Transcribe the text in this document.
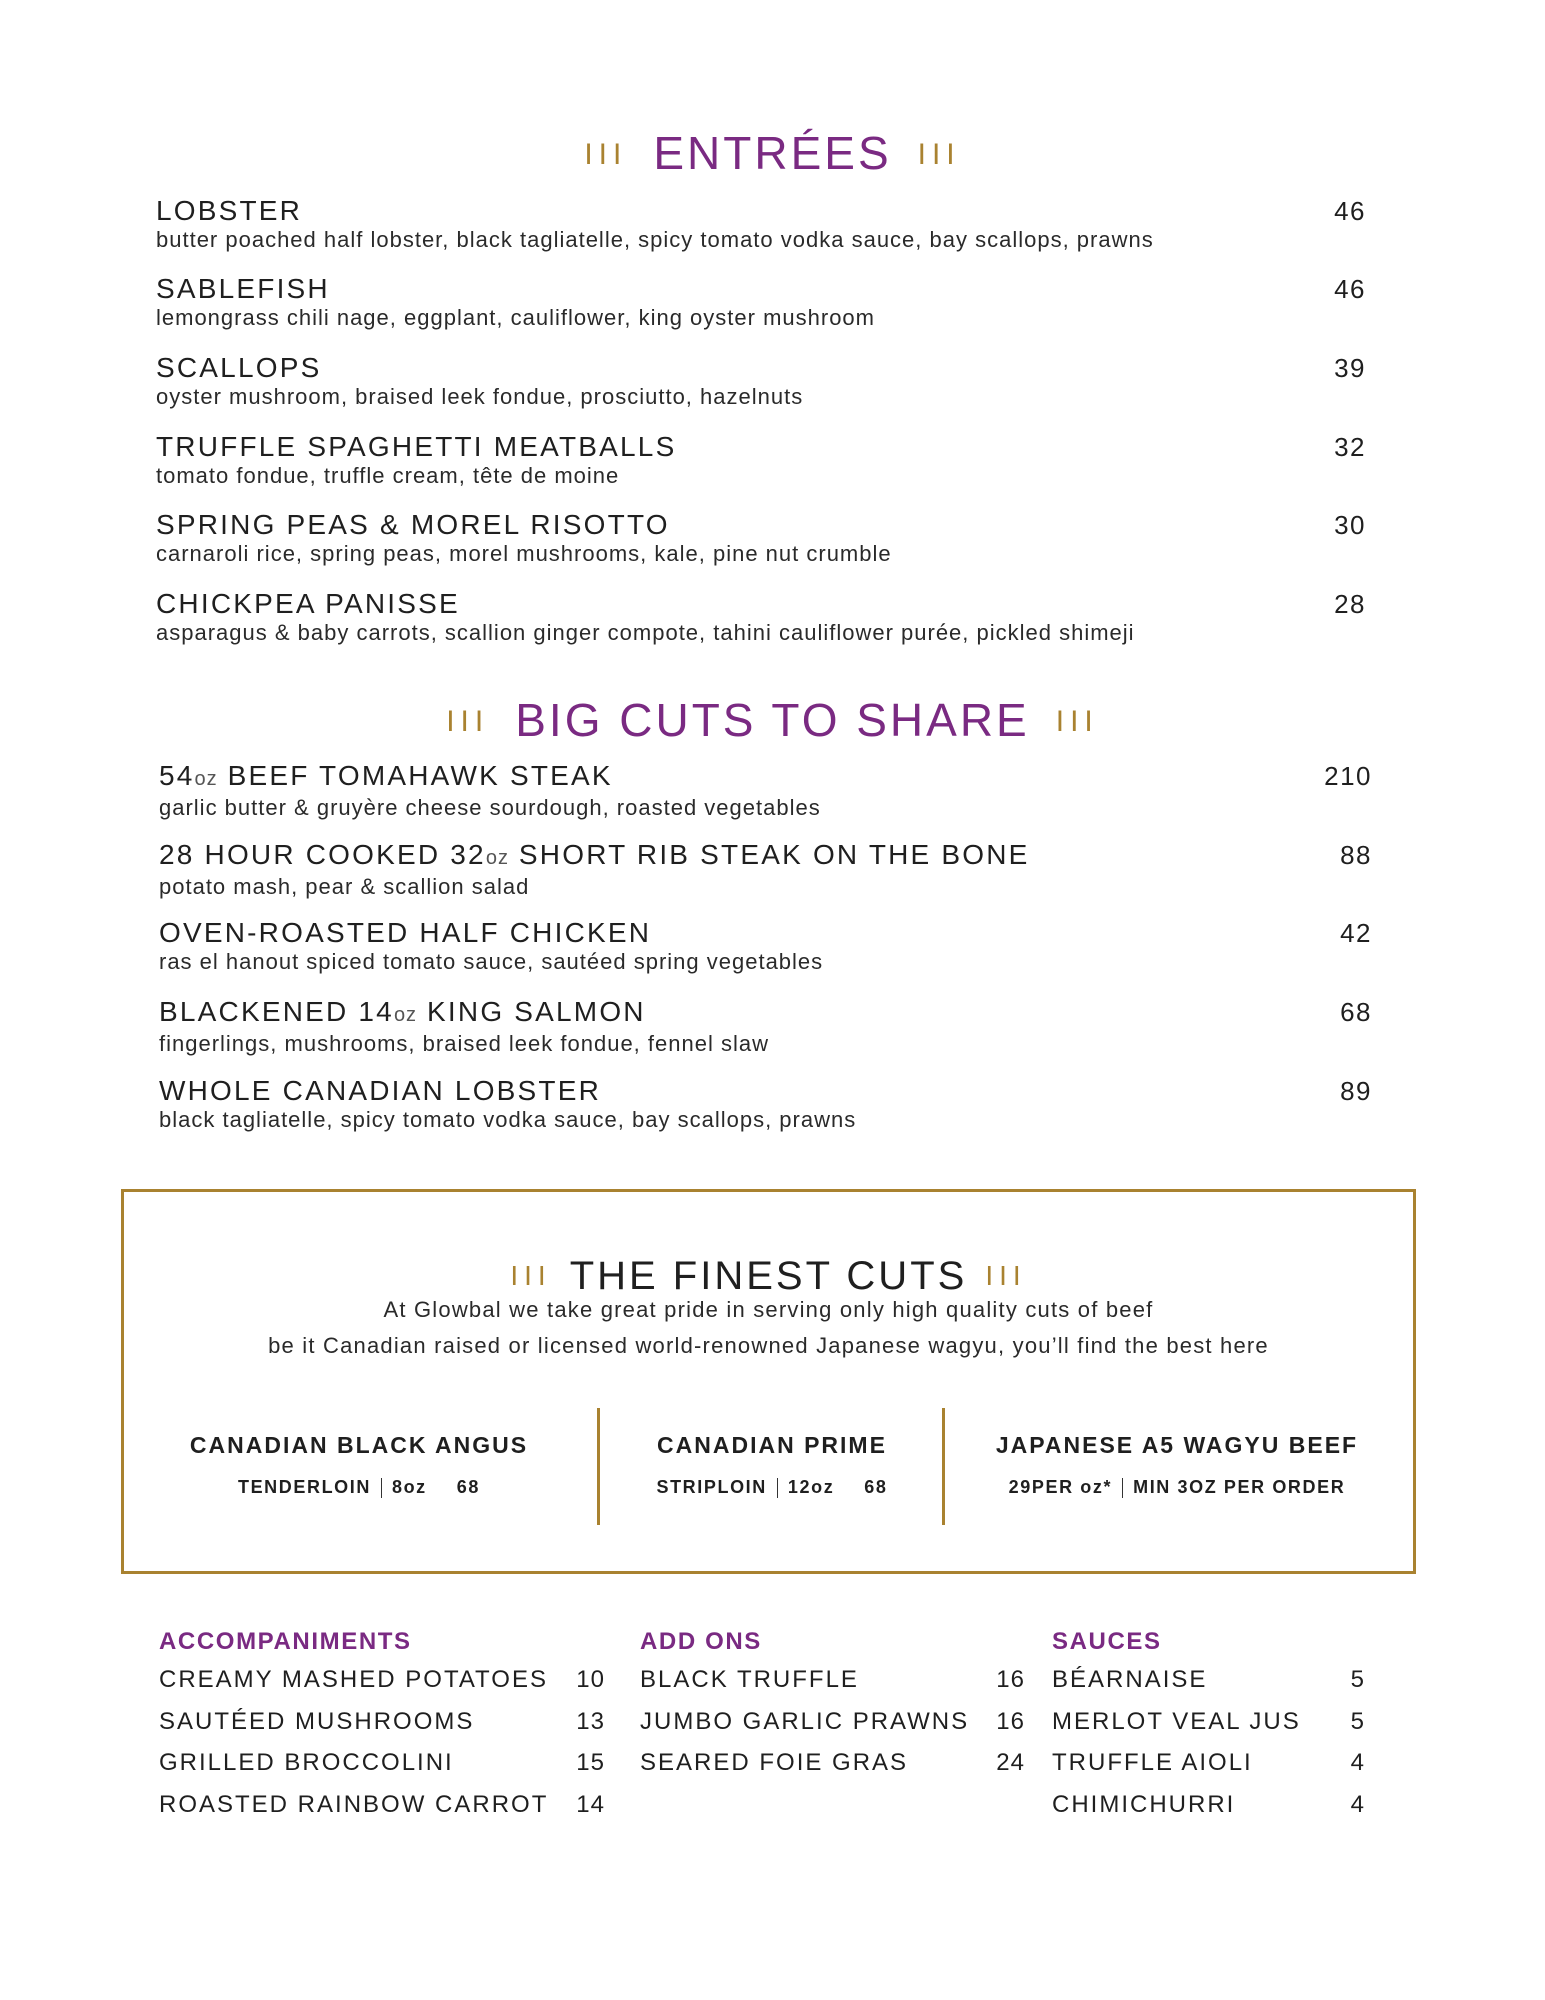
III ENTRÉES III
LOBSTER
butter poached half lobster, black tagliatelle, spicy tomato vodka sauce, bay scallops, prawns
46
SABLEFISH
lemongrass chili nage, eggplant, cauliflower, king oyster mushroom
46
SCALLOPS
oyster mushroom, braised leek fondue, prosciutto, hazelnuts
39
TRUFFLE SPAGHETTI MEATBALLS
tomato fondue, truffle cream, tête de moine
32
SPRING PEAS & MOREL RISOTTO
carnaroli rice, spring peas, morel mushrooms, kale, pine nut crumble
30
CHICKPEA PANISSE
asparagus & baby carrots, scallion ginger compote, tahini cauliflower purée, pickled shimeji
28
III BIG CUTS TO SHARE III
54oz BEEF TOMAHAWK STEAK
garlic butter & gruyère cheese sourdough, roasted vegetables
210
28 HOUR COOKED 32oz SHORT RIB STEAK ON THE BONE
potato mash, pear & scallion salad
88
OVEN-ROASTED HALF CHICKEN
ras el hanout spiced tomato sauce, sautéed spring vegetables
42
BLACKENED 14oz KING SALMON
fingerlings, mushrooms, braised leek fondue, fennel slaw
68
WHOLE CANADIAN LOBSTER
black tagliatelle, spicy tomato vodka sauce, bay scallops, prawns
89
III THE FINEST CUTS III
At Glowbal we take great pride in serving only high quality cuts of beef
be it Canadian raised or licensed world-renowned Japanese wagyu, you’ll find the best here
CANADIAN BLACK ANGUS
TENDERLOIN 8oz 68
CANADIAN PRIME
STRIPLOIN 12oz 68
JAPANESE A5 WAGYU BEEF
29PER oz* MIN 3OZ PER ORDER
ACCOMPANIMENTS
CREAMY MASHED POTATOES	10
SAUTÉED MUSHROOMS	13
GRILLED BROCCOLINI	15
ROASTED RAINBOW CARROT	14
ADD ONS
BLACK TRUFFLE	16
JUMBO GARLIC PRAWNS	16
SEARED FOIE GRAS	24
SAUCES
BÉARNAISE	5
MERLOT VEAL JUS	5
TRUFFLE AIOLI	4
CHIMICHURRI	4
